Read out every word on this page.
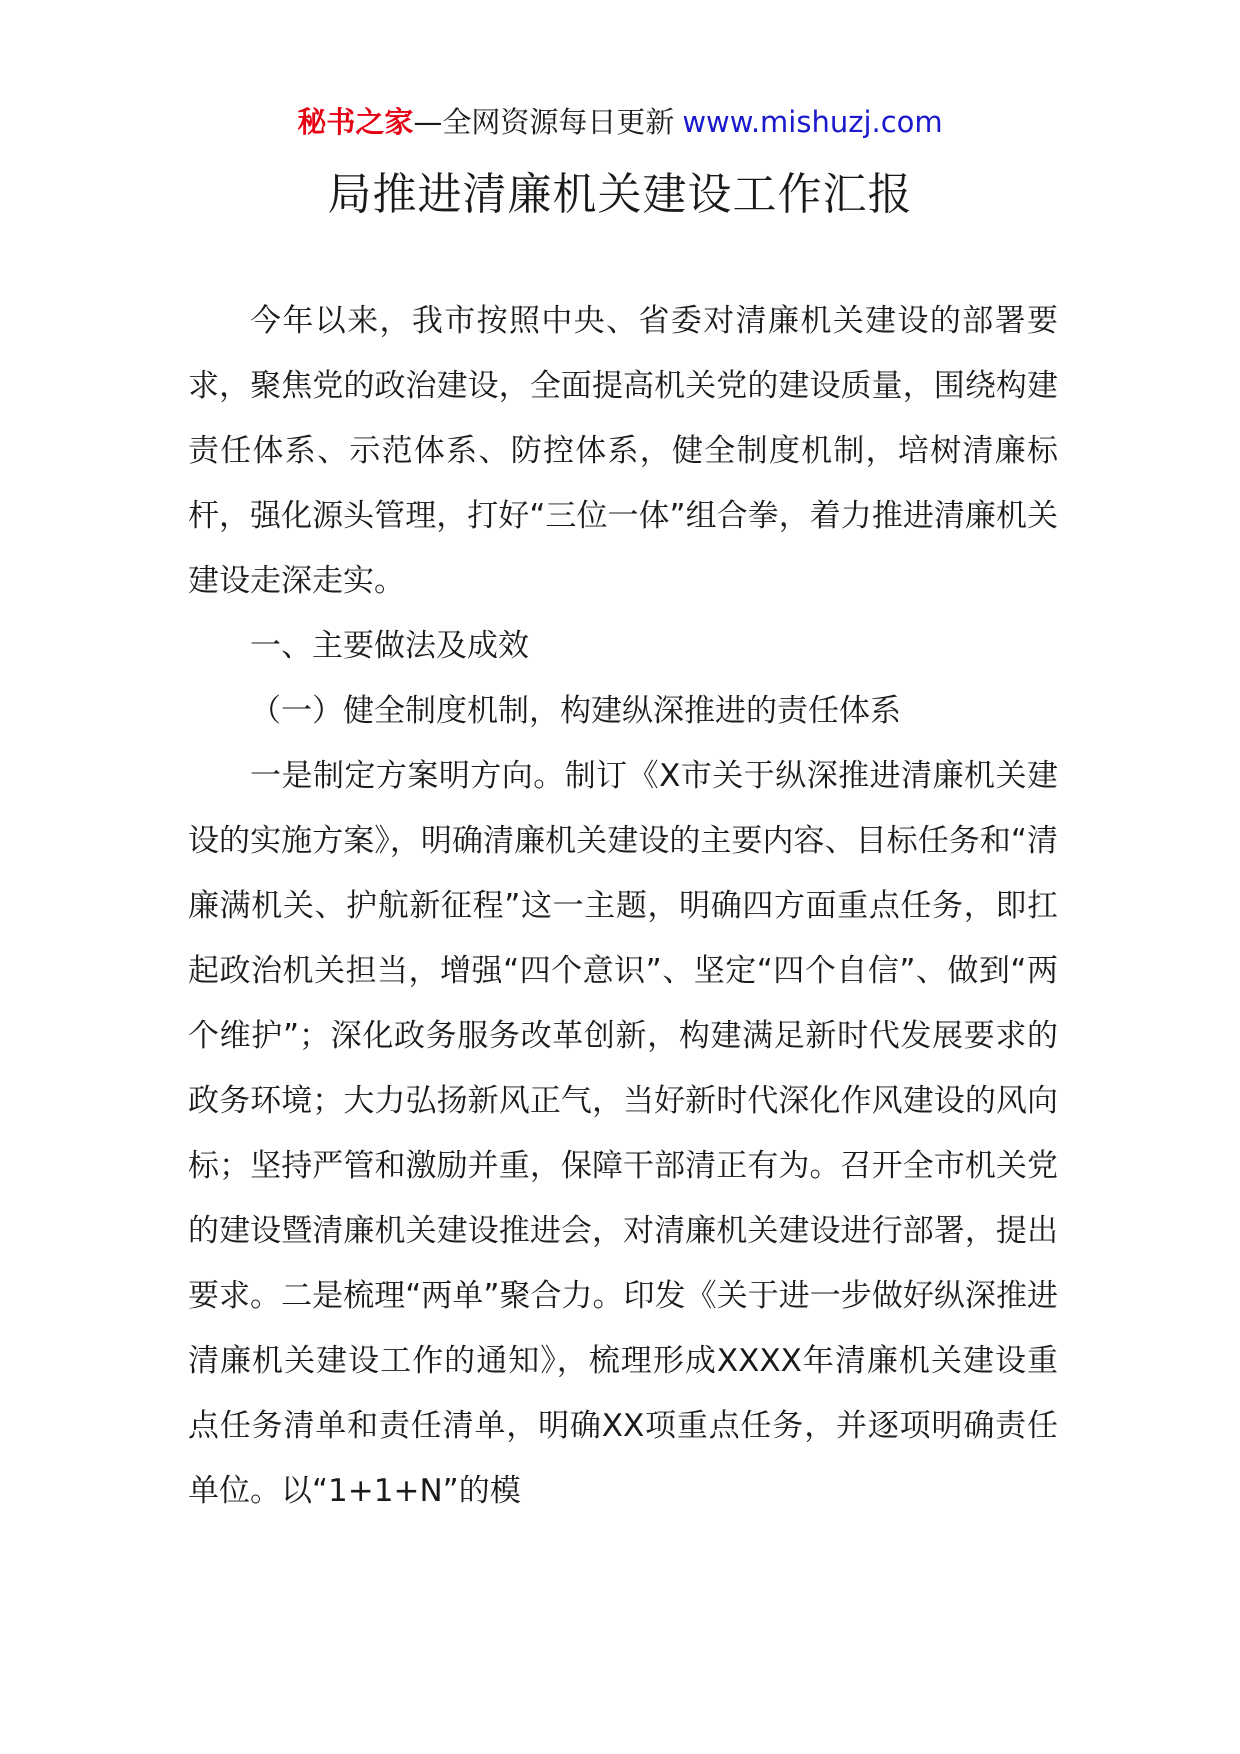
秘书之家—全网资源每日更新 www.mishuzj.com
局推进清廉机关建设工作汇报

今年以来，我市按照中央、省委对清廉机关建设的部署要求，聚焦党的政治建设，全面提高机关党的建设质量，围绕构建责任体系、示范体系、防控体系，健全制度机制，培树清廉标杆，强化源头管理，打好“三位一体”组合拳，着力推进清廉机关建设走深走实。

一、主要做法及成效

（一）健全制度机制，构建纵深推进的责任体系

一是制定方案明方向。制订《X市关于纵深推进清廉机关建设的实施方案》，明确清廉机关建设的主要内容、目标任务和“清廉满机关、护航新征程”这一主题，明确四方面重点任务，即扛起政治机关担当，增强“四个意识”、坚定“四个自信”、做到“两个维护”；深化政务服务改革创新，构建满足新时代发展要求的政务环境；大力弘扬新风正气，当好新时代深化作风建设的风向标；坚持严管和激励并重，保障干部清正有为。召开全市机关党的建设暨清廉机关建设推进会，对清廉机关建设进行部署，提出要求。二是梳理“两单”聚合力。印发《关于进一步做好纵深推进清廉机关建设工作的通知》，梳理形成XXXX年清廉机关建设重点任务清单和责任清单，明确XX项重点任务，并逐项明确责任单位。以“1+1+N”的模
